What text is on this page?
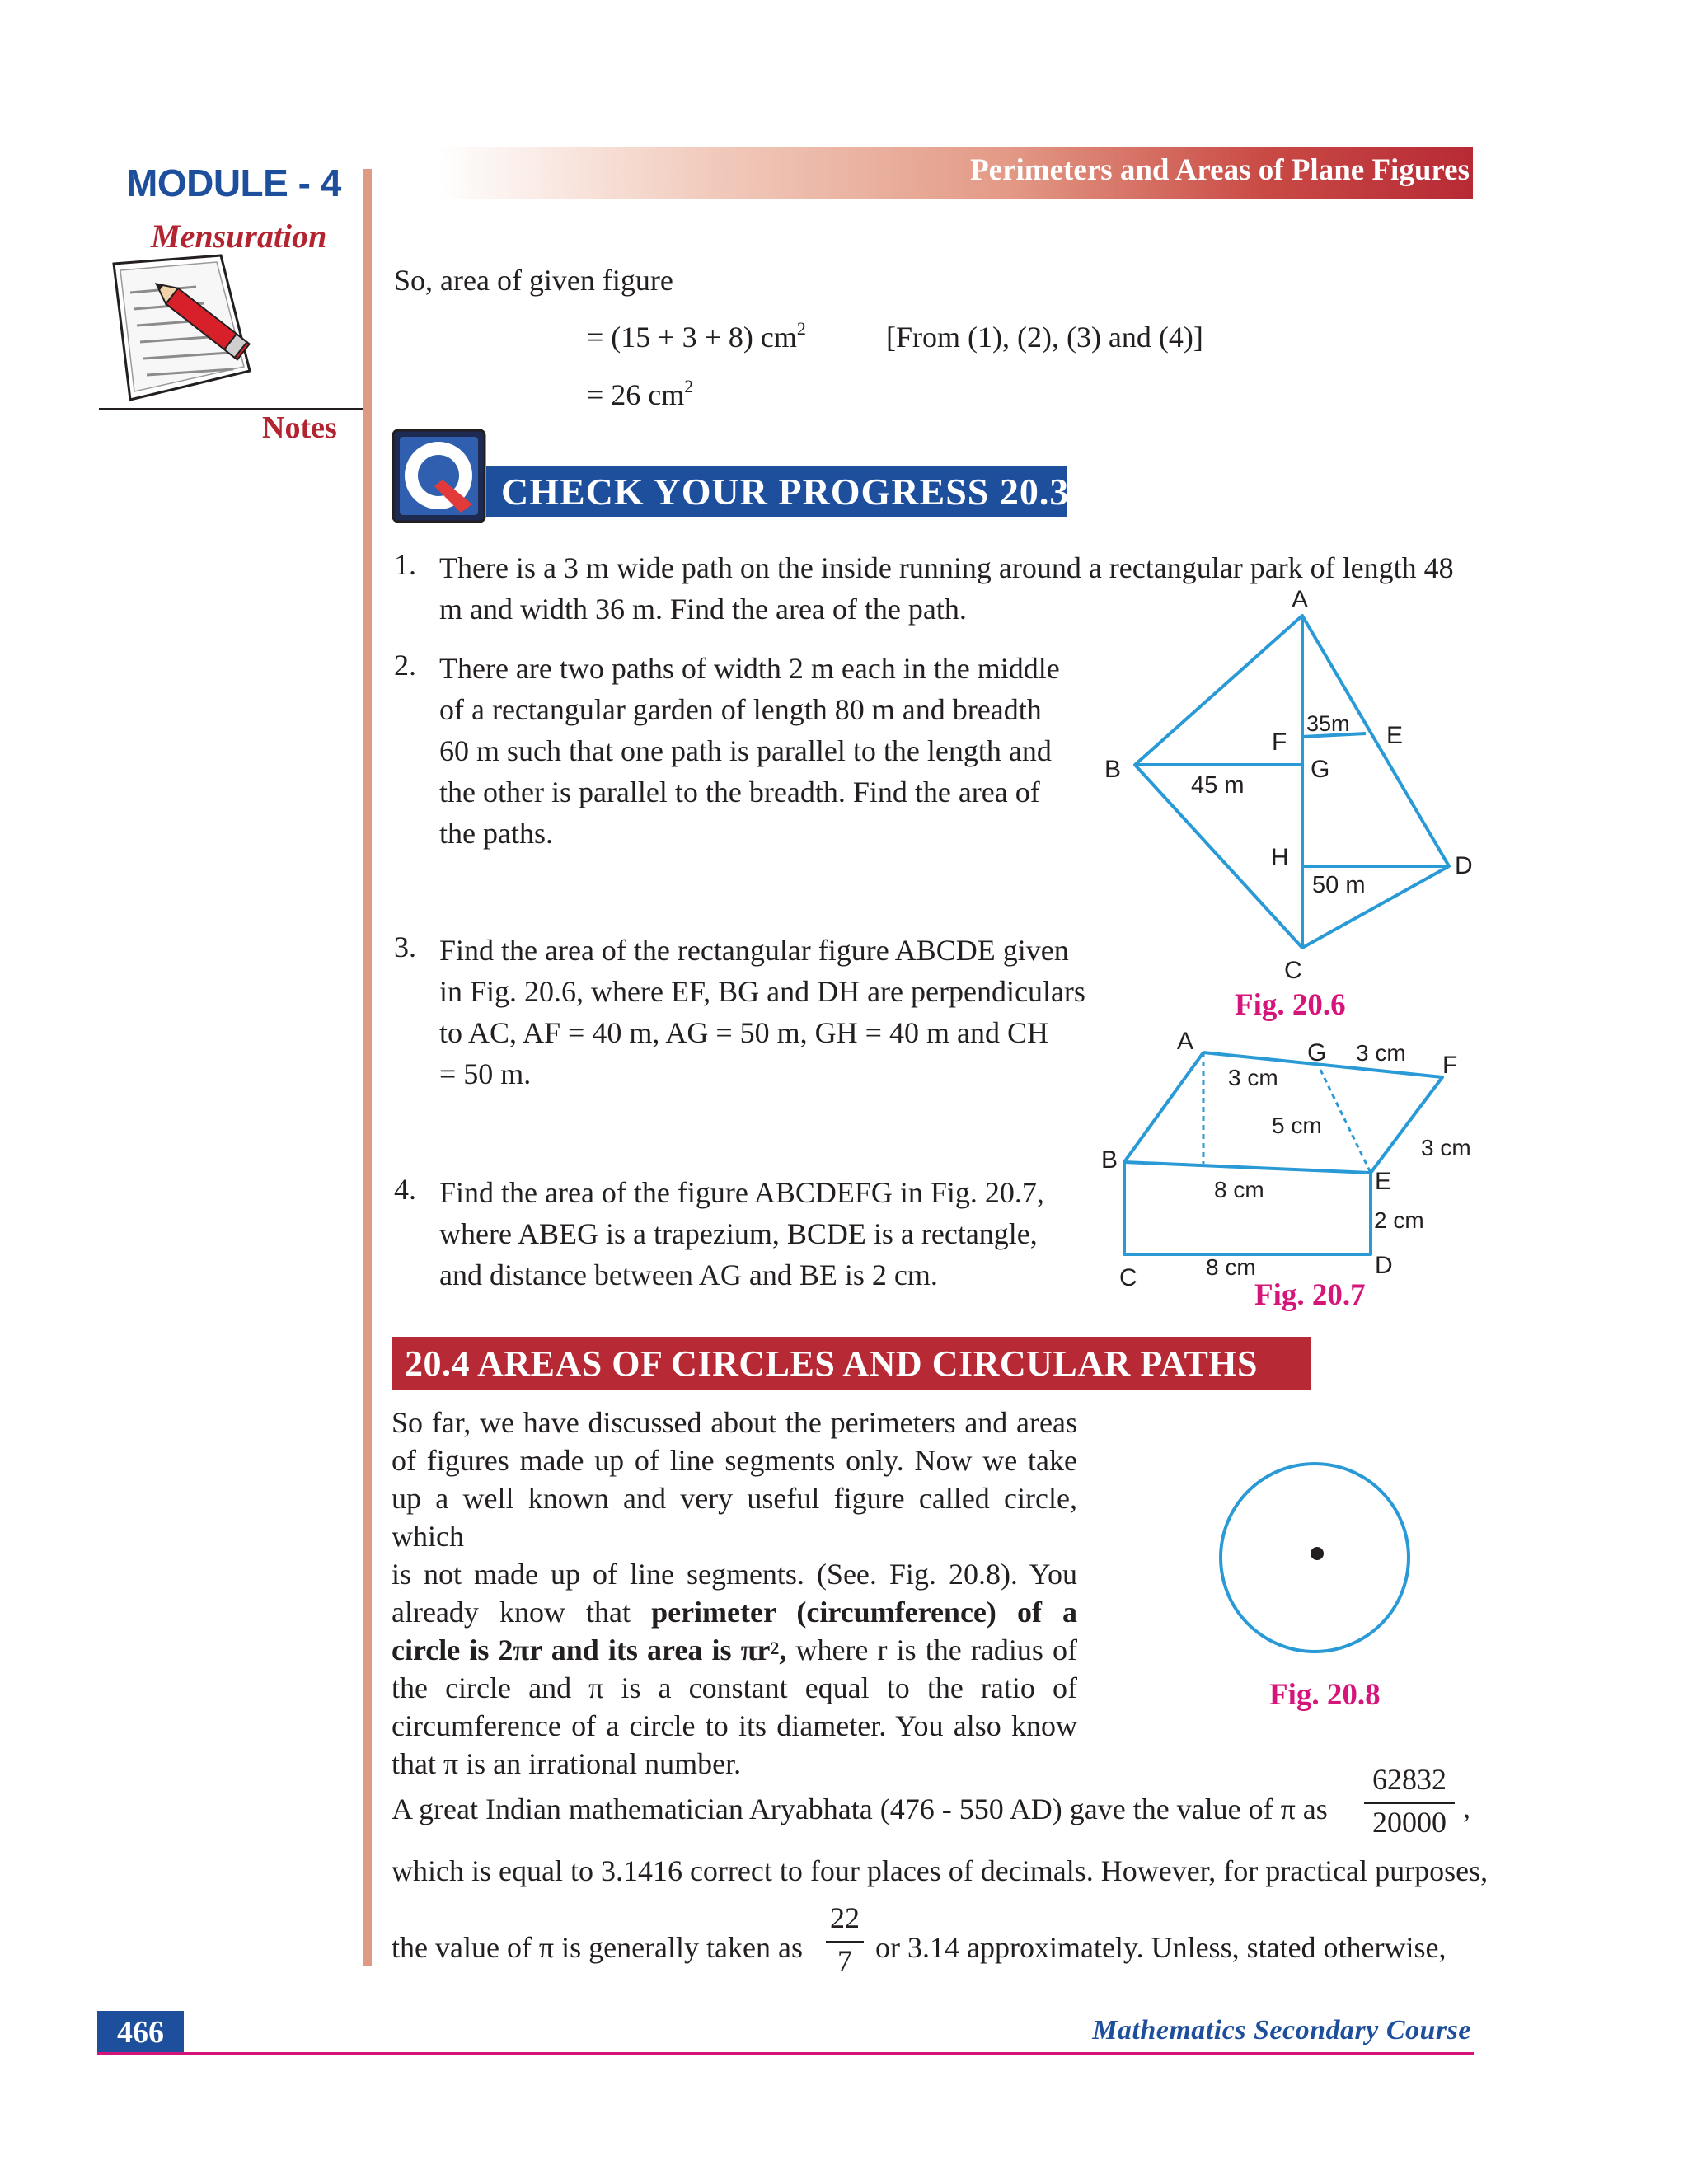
Perimeters and Areas of Plane Figures
MODULE - 4
Mensuration
Notes
So, area of given figure
= (15 + 3 + 8) $cm^2$	[From (1), (2), (3) and (4)]
= 26 $cm^2$
CHECK YOUR PROGRESS 20.3
1. There is a 3 m wide path on the inside running around a rectangular park of length 48
m and width 36 m. Find the area of the path.
2. There are two paths of width 2 m each in the middle
of a rectangular garden of length 80 m and breadth
60 m such that one path is parallel to the length and
the other is parallel to the breadth. Find the area of
the paths.
3. Find the area of the rectangular figure ABCDE given
in Fig. 20.6, where EF, BG and DH are perpendiculars
to AC, AF = 40 m, AG = 50 m, GH = 40 m and CH
= 50 m.
4. Find the area of the figure ABCDEFG in Fig. 20.7,
where ABEG is a trapezium, BCDE is a rectangle,
and distance between AG and BE is 2 cm.
A
B
C
D
E
F
G
H
35m
45 m
50 m
Fig. 20.6
A
B
C	D
E
F
G
3 cm
3 cm
5 cm
3 cm
8 cm
2 cm
8 cm
Fig. 20.7
20.4 AREAS OF CIRCLES AND CIRCULAR PATHS
So far, we have discussed about the perimeters and areas
of figures made up of line segments only. Now we take
up a well known and very useful figure called circle, which
is not made up of line segments. (See. Fig. 20.8). You
already know that perimeter (circumference) of a
circle is 2πr and its area is $\pi r^2$, where r is the radius of
the circle and π is a constant equal to the ratio of
circumference of a circle to its diameter. You also know
that π is an irrational number.
Fig. 20.8
A great Indian mathematician Aryabhata (476 - 550 AD) gave the value of π as
62832
20000 ,
which is equal to 3.1416 correct to four places of decimals. However, for practical purposes,
the value of π is generally taken as
22
7 or 3.14 approximately. Unless, stated otherwise,
466	Mathematics Secondary Course
